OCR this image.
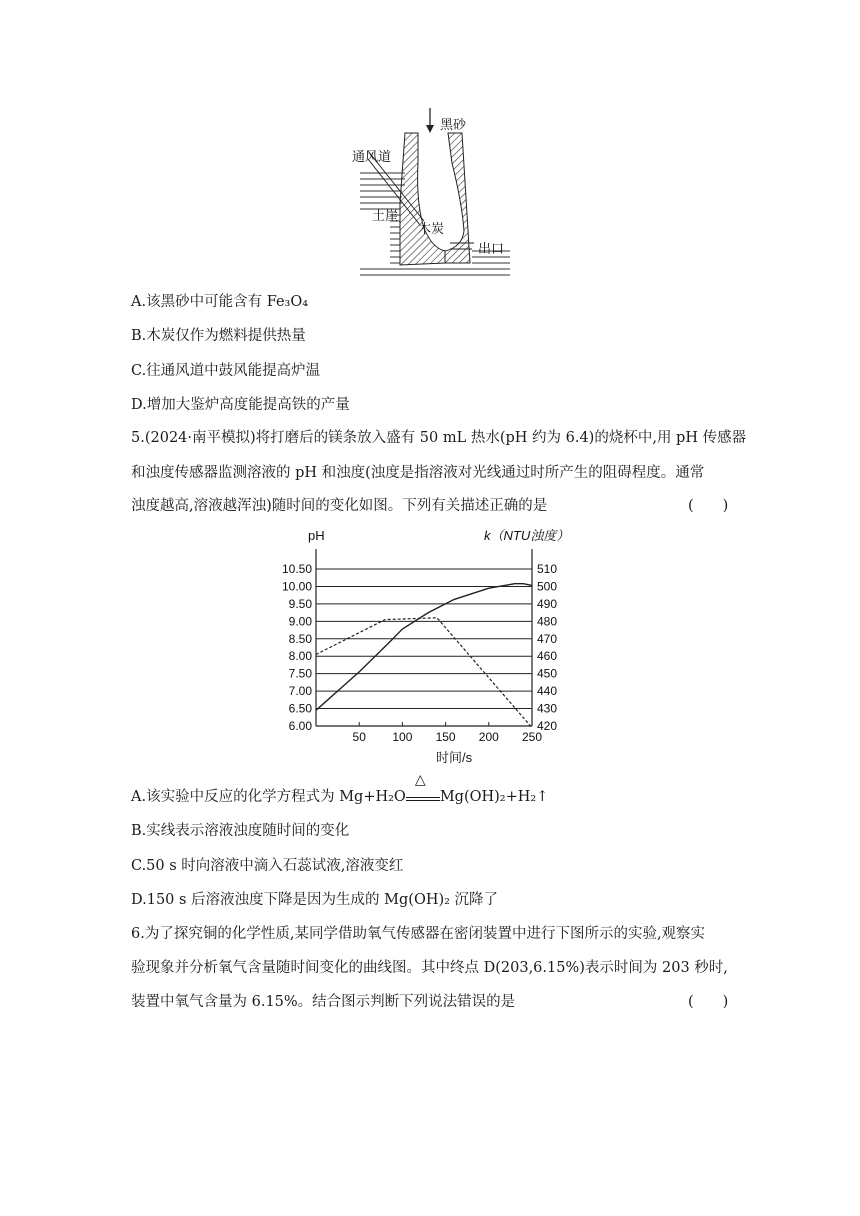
黑砂
通风道
土崖
木炭
出口
A.该黑砂中可能含有 Fe₃O₄
B.木炭仅作为燃料提供热量
C.往通风道中鼓风能提高炉温
D.增加大鉴炉高度能提高铁的产量
5.(2024·南平模拟)将打磨后的镁条放入盛有 50 mL 热水(pH 约为 6.4)的烧杯中,用 pH 传感器
和浊度传感器监测溶液的 pH 和浊度(浊度是指溶液对光线通过时所产生的阻碍程度。通常
浊度越高,溶液越浑浊)随时间的变化如图。下列有关描述正确的是	(　　)
pH	k（NTU浊度）
时间/s
6.00
6.50
7.00
7.50
8.00
8.50
9.00
9.50
10.00
10.50
420
430
440
450
460
470
480
490
500
510
50 100 150 200 250
A.该实验中反应的化学方程式为 Mg+H₂O
△
Mg(OH)₂+H₂↑
B.实线表示溶液浊度随时间的变化
C.50 s 时向溶液中滴入石蕊试液,溶液变红
D.150 s 后溶液浊度下降是因为生成的 Mg(OH)₂ 沉降了
6.为了探究铜的化学性质,某同学借助氧气传感器在密闭装置中进行下图所示的实验,观察实
验现象并分析氧气含量随时间变化的曲线图。其中终点 D(203,6.15%)表示时间为 203 秒时,
装置中氧气含量为 6.15%。结合图示判断下列说法错误的是	(　　)
